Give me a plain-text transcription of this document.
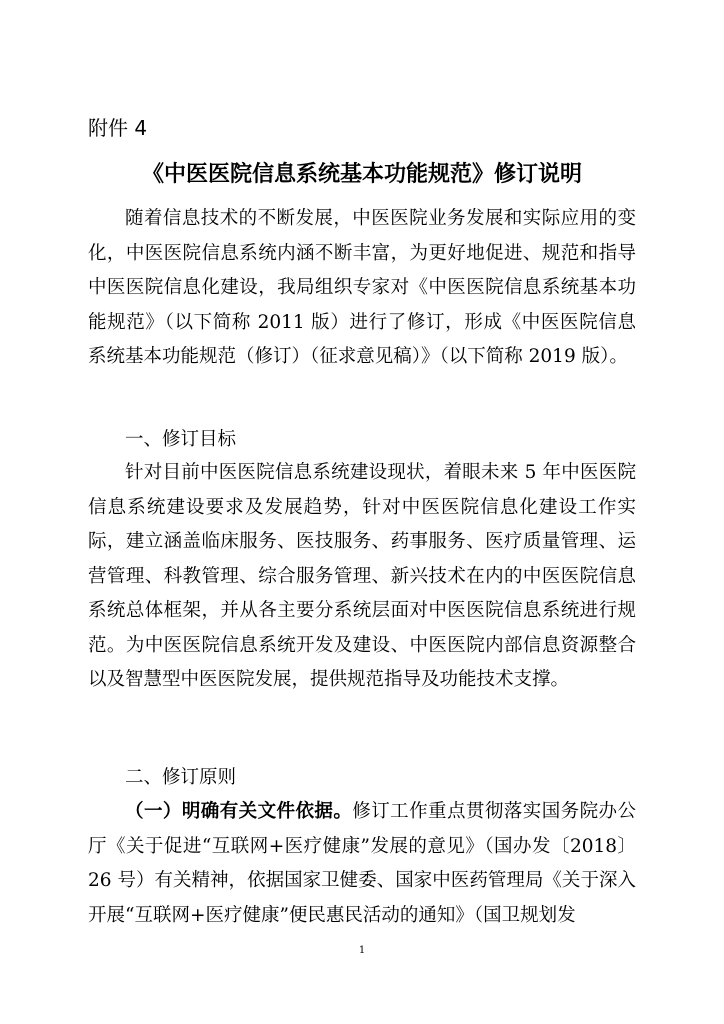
附件 4
《中医医院信息系统基本功能规范》修订说明
随着信息技术的不断发展，中医医院业务发展和实际应用的变化，中医医院信息系统内涵不断丰富，为更好地促进、规范和指导中医医院信息化建设，我局组织专家对《中医医院信息系统基本功能规范》（以下简称 2011 版）进行了修订，形成《中医医院信息系统基本功能规范（修订）（征求意见稿）》（以下简称 2019 版）。
一、修订目标
针对目前中医医院信息系统建设现状，着眼未来 5 年中医医院信息系统建设要求及发展趋势，针对中医医院信息化建设工作实际，建立涵盖临床服务、医技服务、药事服务、医疗质量管理、运营管理、科教管理、综合服务管理、新兴技术在内的中医医院信息系统总体框架，并从各主要分系统层面对中医医院信息系统进行规范。为中医医院信息系统开发及建设、中医医院内部信息资源整合以及智慧型中医医院发展，提供规范指导及功能技术支撑。
二、修订原则
（一）明确有关文件依据。修订工作重点贯彻落实国务院办公厅《关于促进“互联网+医疗健康”发展的意见》（国办发〔2018〕26 号）有关精神，依据国家卫健委、国家中医药管理局《关于深入开展“互联网+医疗健康”便民惠民活动的通知》（国卫规划发
1
